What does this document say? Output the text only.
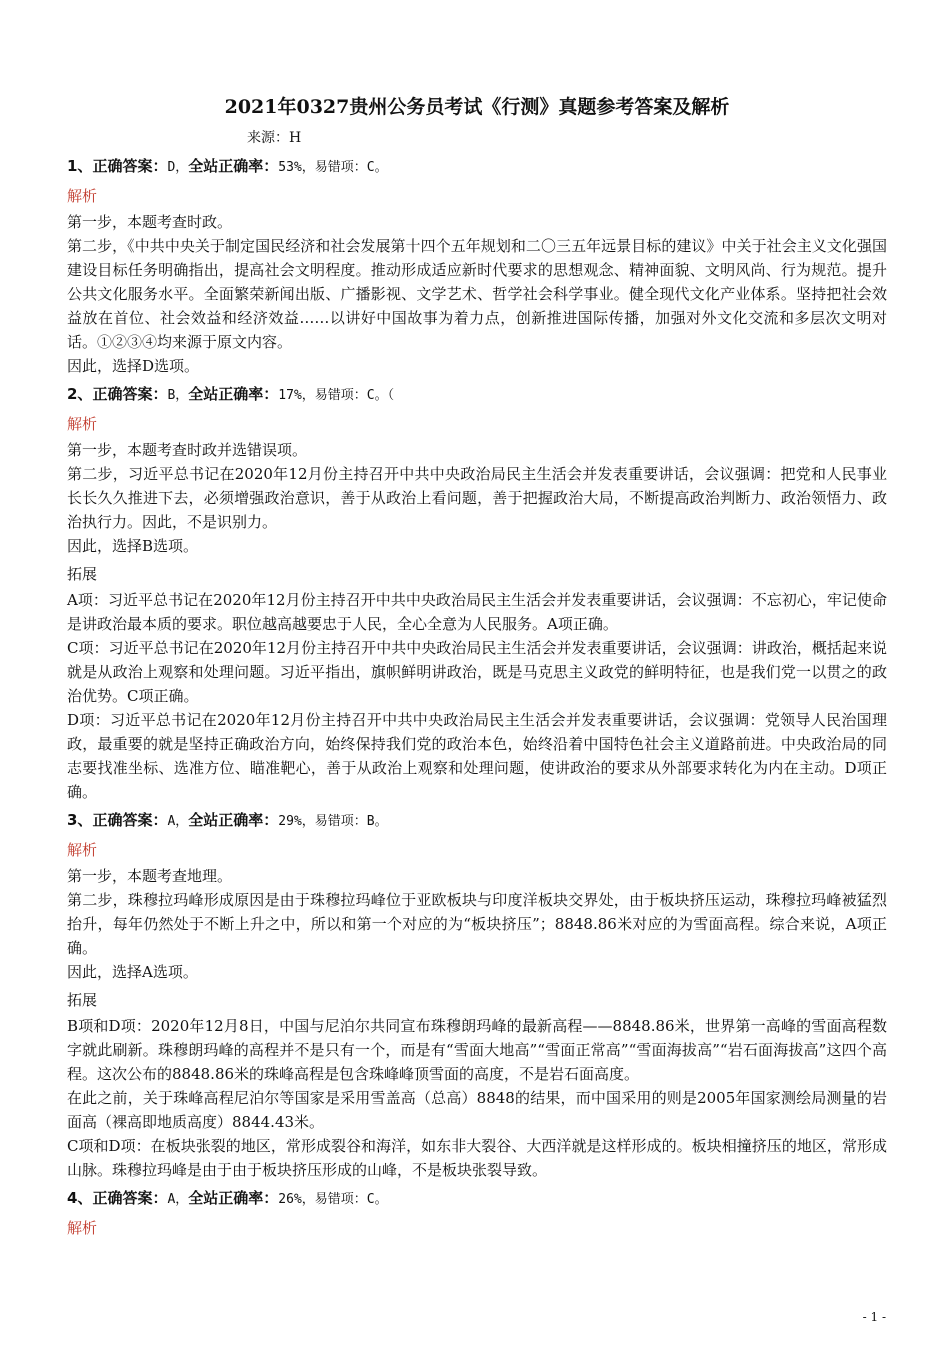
2021年0327贵州公务员考试《行测》真题参考答案及解析
来源：H
1、正确答案：D，全站正确率：53%，易错项：C。
解析

第一步，本题考查时政。

第二步，《中共中央关于制定国民经济和社会发展第十四个五年规划和二〇三五年远景目标的建议》中关于社会主义文化强国建设目标任务明确指出，提高社会文明程度。推动形成适应新时代要求的思想观念、精神面貌、文明风尚、行为规范。提升公共文化服务水平。全面繁荣新闻出版、广播影视、文学艺术、哲学社会科学事业。健全现代文化产业体系。坚持把社会效益放在首位、社会效益和经济效益……以讲好中国故事为着力点，创新推进国际传播，加强对外文化交流和多层次文明对话。①②③④均来源于原文内容。

因此，选择D选项。

2、正确答案：B，全站正确率：17%，易错项：C。（
解析

第一步，本题考查时政并选错误项。

第二步，习近平总书记在2020年12月份主持召开中共中央政治局民主生活会并发表重要讲话，会议强调：把党和人民事业长长久久推进下去，必须增强政治意识，善于从政治上看问题，善于把握政治大局，不断提高政治判断力、政治领悟力、政治执行力。因此，不是识别力。

因此，选择B选项。

拓展

A项：习近平总书记在2020年12月份主持召开中共中央政治局民主生活会并发表重要讲话，会议强调：不忘初心，牢记使命是讲政治最本质的要求。职位越高越要忠于人民，全心全意为人民服务。A项正确。

C项：习近平总书记在2020年12月份主持召开中共中央政治局民主生活会并发表重要讲话，会议强调：讲政治，概括起来说就是从政治上观察和处理问题。习近平指出，旗帜鲜明讲政治，既是马克思主义政党的鲜明特征，也是我们党一以贯之的政治优势。C项正确。

D项：习近平总书记在2020年12月份主持召开中共中央政治局民主生活会并发表重要讲话，会议强调：党领导人民治国理政，最重要的就是坚持正确政治方向，始终保持我们党的政治本色，始终沿着中国特色社会主义道路前进。中央政治局的同志要找准坐标、选准方位、瞄准靶心，善于从政治上观察和处理问题，使讲政治的要求从外部要求转化为内在主动。D项正确。

3、正确答案：A，全站正确率：29%，易错项：B。
解析

第一步，本题考查地理。

第二步，珠穆拉玛峰形成原因是由于珠穆拉玛峰位于亚欧板块与印度洋板块交界处，由于板块挤压运动，珠穆拉玛峰被猛烈抬升，每年仍然处于不断上升之中，所以和第一个对应的为“板块挤压”；8848.86米对应的为雪面高程。综合来说，A项正确。

因此，选择A选项。

拓展

B项和D项：2020年12月8日，中国与尼泊尔共同宣布珠穆朗玛峰的最新高程——8848.86米，世界第一高峰的雪面高程数字就此刷新。珠穆朗玛峰的高程并不是只有一个，而是有“雪面大地高”“雪面正常高”“雪面海拔高”“岩石面海拔高”这四个高程。这次公布的8848.86米的珠峰高程是包含珠峰峰顶雪面的高度，不是岩石面高度。

在此之前，关于珠峰高程尼泊尔等国家是采用雪盖高（总高）8848的结果，而中国采用的则是2005年国家测绘局测量的岩面高（裸高即地质高度）8844.43米。

C项和D项：在板块张裂的地区，常形成裂谷和海洋，如东非大裂谷、大西洋就是这样形成的。板块相撞挤压的地区，常形成山脉。珠穆拉玛峰是由于由于板块挤压形成的山峰，不是板块张裂导致。

4、正确答案：A，全站正确率：26%，易错项：C。
解析
- 1 -
